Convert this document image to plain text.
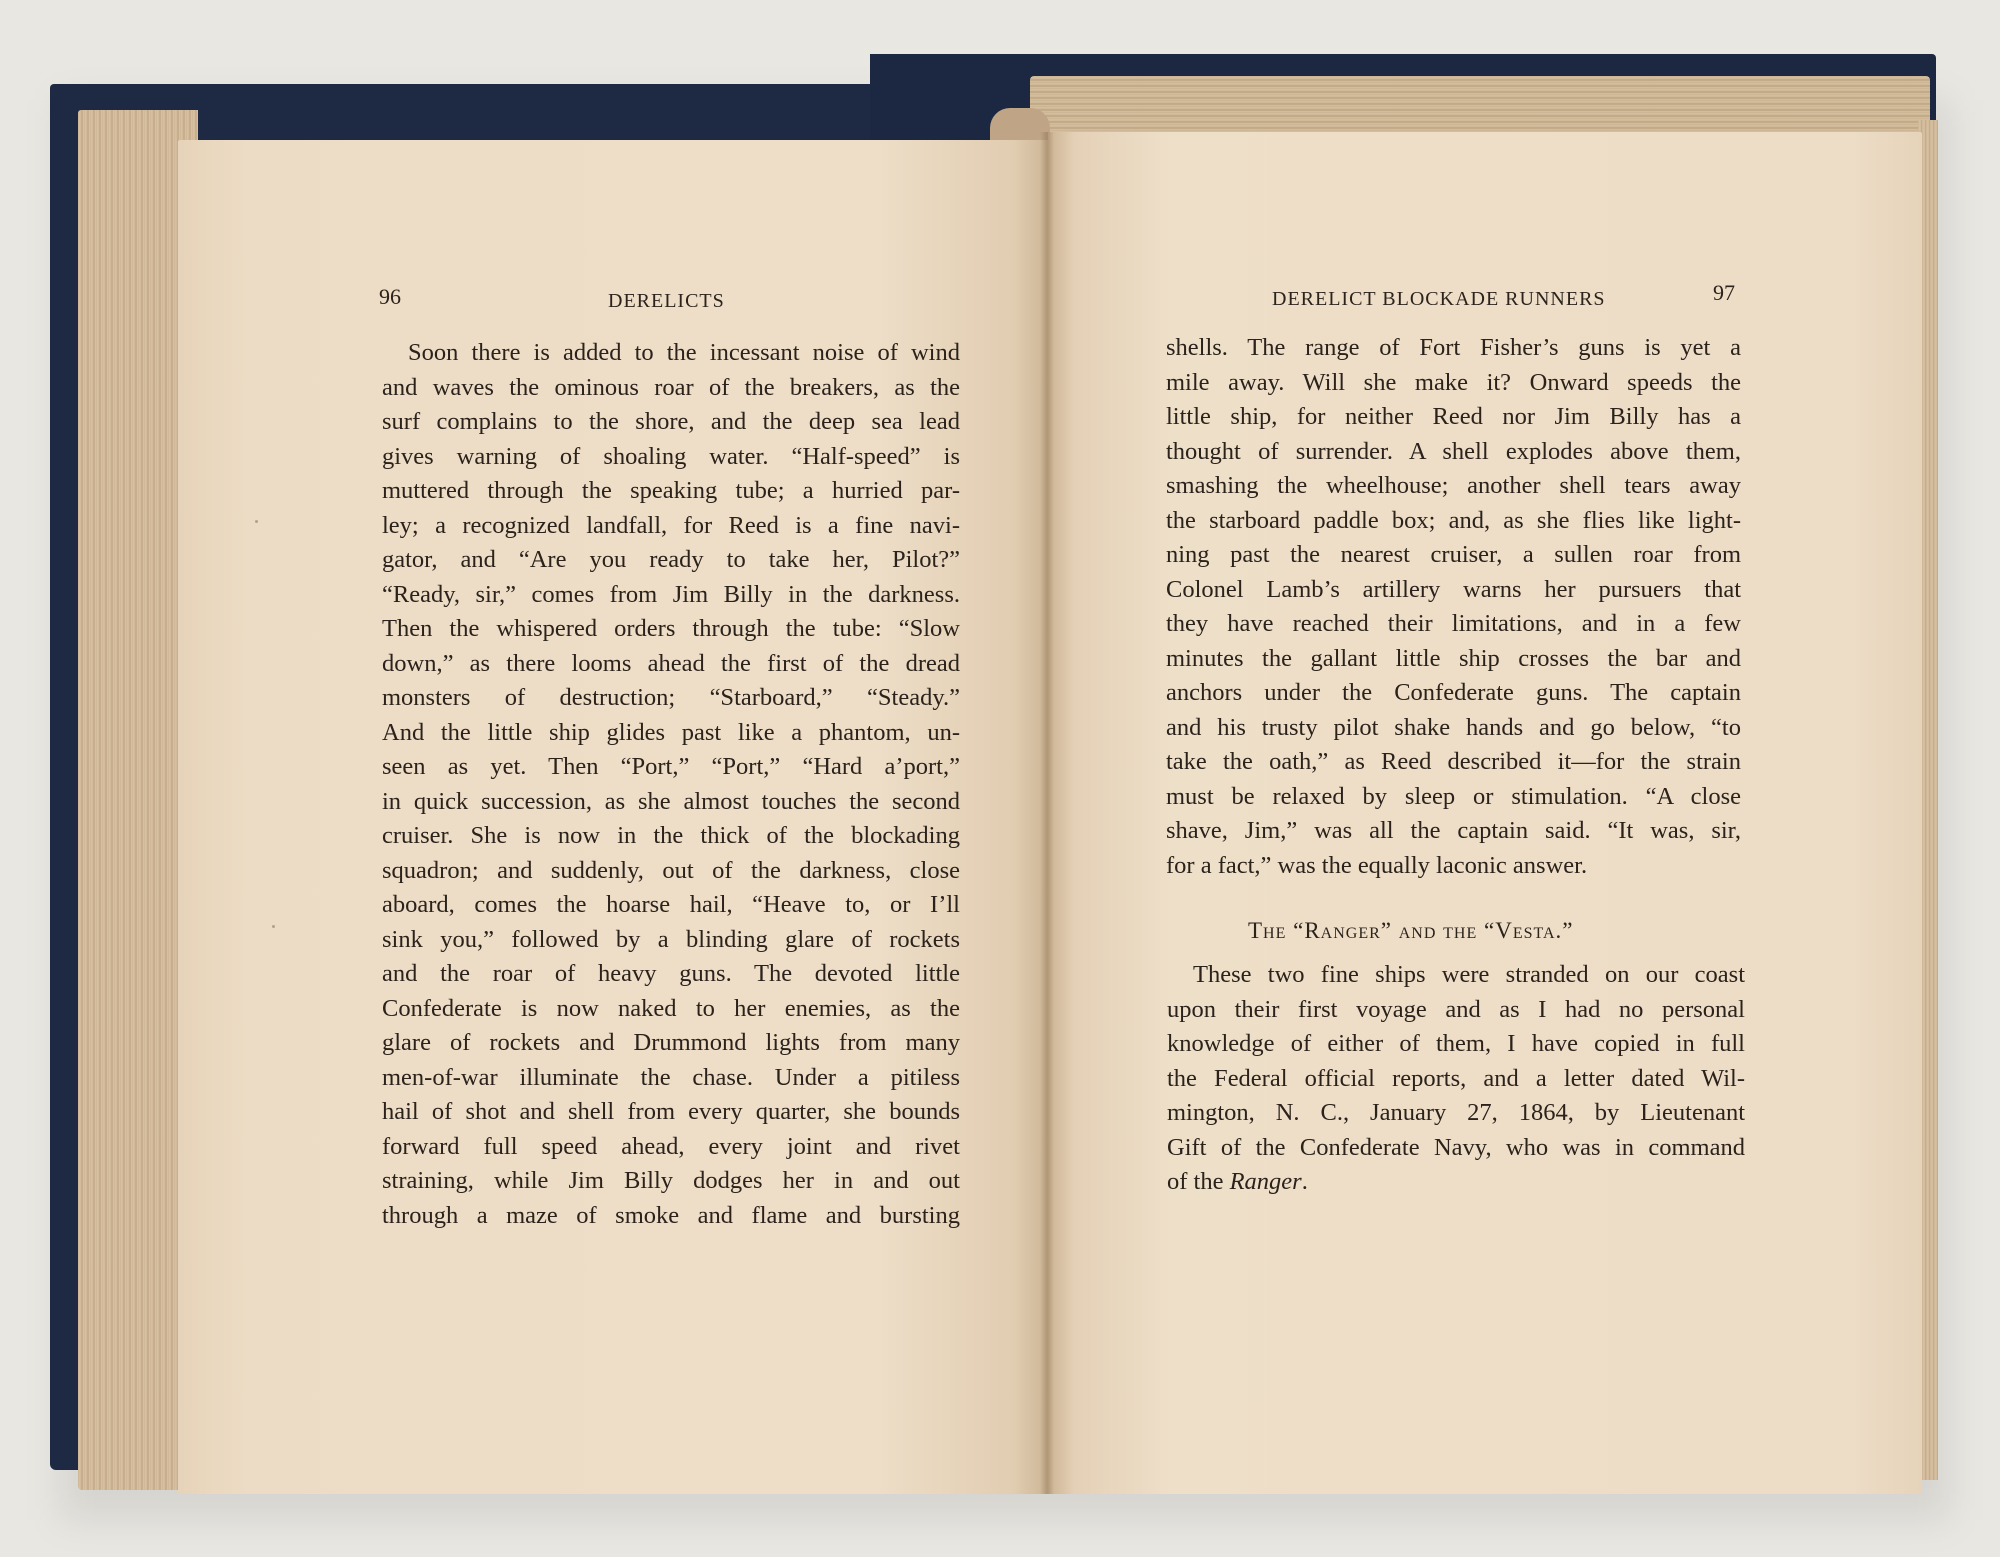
96	DERELICTS
Soon there is added to the incessant noise of wind
and waves the ominous roar of the breakers, as the
surf complains to the shore, and the deep sea lead
gives warning of shoaling water. “Half-speed” is
muttered through the speaking tube; a hurried par-
ley; a recognized landfall, for Reed is a fine navi-
gator, and “Are you ready to take her, Pilot?”
“Ready, sir,” comes from Jim Billy in the darkness.
Then the whispered orders through the tube: “Slow
down,” as there looms ahead the first of the dread
monsters of destruction; “Starboard,” “Steady.”
And the little ship glides past like a phantom, un-
seen as yet. Then “Port,” “Port,” “Hard a’port,”
in quick succession, as she almost touches the second
cruiser. She is now in the thick of the blockading
squadron; and suddenly, out of the darkness, close
aboard, comes the hoarse hail, “Heave to, or I’ll
sink you,” followed by a blinding glare of rockets
and the roar of heavy guns. The devoted little
Confederate is now naked to her enemies, as the
glare of rockets and Drummond lights from many
men-of-war illuminate the chase. Under a pitiless
hail of shot and shell from every quarter, she bounds
forward full speed ahead, every joint and rivet
straining, while Jim Billy dodges her in and out
through a maze of smoke and flame and bursting
DERELICT BLOCKADE RUNNERS	97
shells. The range of Fort Fisher’s guns is yet a
mile away. Will she make it? Onward speeds the
little ship, for neither Reed nor Jim Billy has a
thought of surrender. A shell explodes above them,
smashing the wheelhouse; another shell tears away
the starboard paddle box; and, as she flies like light-
ning past the nearest cruiser, a sullen roar from
Colonel Lamb’s artillery warns her pursuers that
they have reached their limitations, and in a few
minutes the gallant little ship crosses the bar and
anchors under the Confederate guns. The captain
and his trusty pilot shake hands and go below, “to
take the oath,” as Reed described it—for the strain
must be relaxed by sleep or stimulation. “A close
shave, Jim,” was all the captain said. “It was, sir,
for a fact,” was the equally laconic answer.
The “Ranger” and the “Vesta.”
These two fine ships were stranded on our coast
upon their first voyage and as I had no personal
knowledge of either of them, I have copied in full
the Federal official reports, and a letter dated Wil-
mington, N. C., January 27, 1864, by Lieutenant
Gift of the Confederate Navy, who was in command
of the Ranger.
